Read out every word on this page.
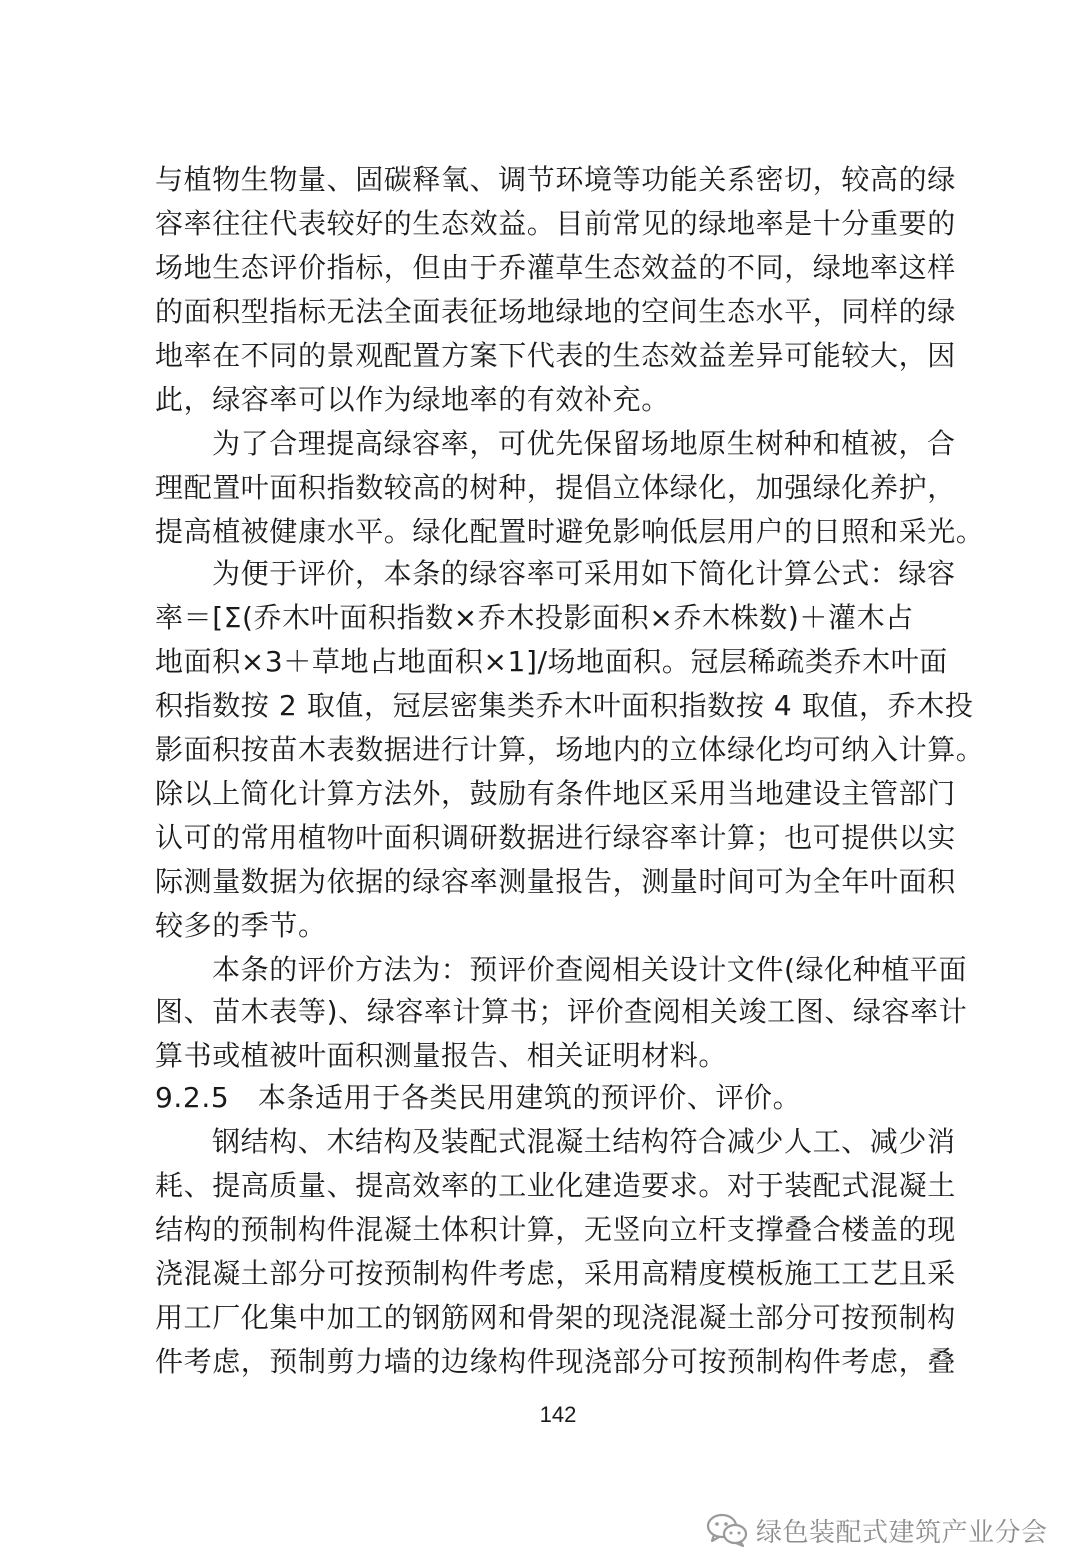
与植物生物量、固碳释氧、调节环境等功能关系密切，较高的绿
容率往往代表较好的生态效益。目前常见的绿地率是十分重要的
场地生态评价指标，但由于乔灌草生态效益的不同，绿地率这样
的面积型指标无法全面表征场地绿地的空间生态水平，同样的绿
地率在不同的景观配置方案下代表的生态效益差异可能较大，因
此，绿容率可以作为绿地率的有效补充。
为了合理提高绿容率，可优先保留场地原生树种和植被，合
理配置叶面积指数较高的树种，提倡立体绿化，加强绿化养护，
提高植被健康水平。绿化配置时避免影响低层用户的日照和采光。
为便于评价，本条的绿容率可采用如下简化计算公式：绿容
率＝[Σ(乔木叶面积指数×乔木投影面积×乔木株数)＋灌木占
地面积×3＋草地占地面积×1]/场地面积。冠层稀疏类乔木叶面
积指数按 2 取值，冠层密集类乔木叶面积指数按 4 取值，乔木投
影面积按苗木表数据进行计算，场地内的立体绿化均可纳入计算。
除以上简化计算方法外，鼓励有条件地区采用当地建设主管部门
认可的常用植物叶面积调研数据进行绿容率计算；也可提供以实
际测量数据为依据的绿容率测量报告，测量时间可为全年叶面积
较多的季节。
本条的评价方法为：预评价查阅相关设计文件(绿化种植平面
图、苗木表等)、绿容率计算书；评价查阅相关竣工图、绿容率计
算书或植被叶面积测量报告、相关证明材料。
9.2.5　本条适用于各类民用建筑的预评价、评价。
钢结构、木结构及装配式混凝土结构符合减少人工、减少消
耗、提高质量、提高效率的工业化建造要求。对于装配式混凝土
结构的预制构件混凝土体积计算，无竖向立杆支撑叠合楼盖的现
浇混凝土部分可按预制构件考虑，采用高精度模板施工工艺且采
用工厂化集中加工的钢筋网和骨架的现浇混凝土部分可按预制构
件考虑，预制剪力墙的边缘构件现浇部分可按预制构件考虑，叠
142
绿色装配式建筑产业分会
